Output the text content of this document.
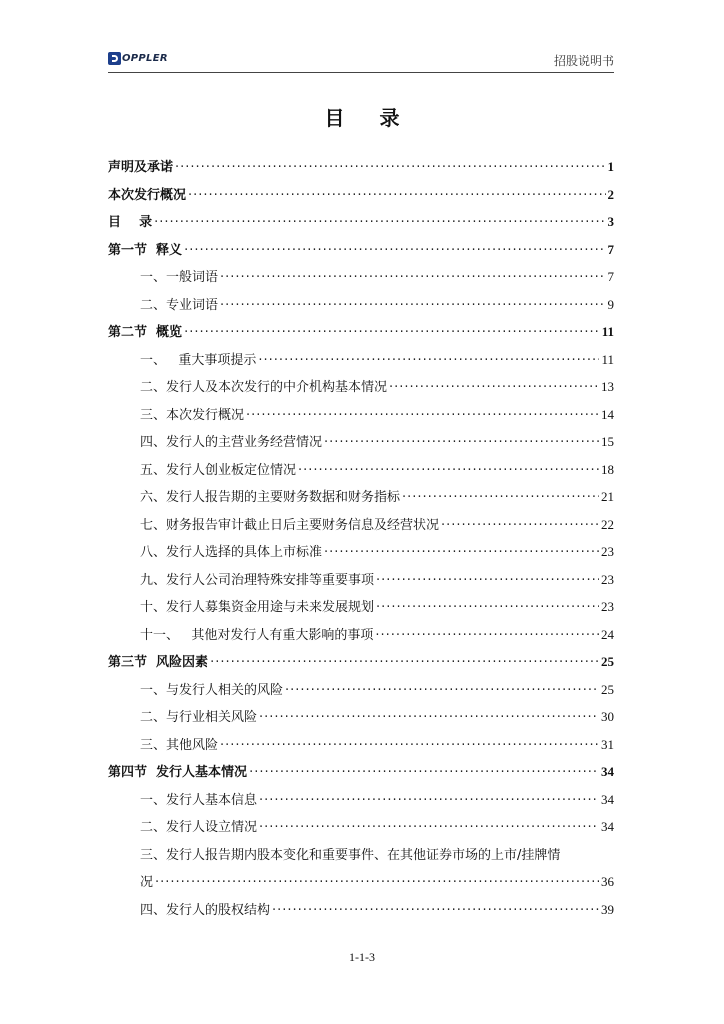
OPPLER	招股说明书
目 录
声明及承诺 ·····	1
本次发行概况 ·····	2
目    录 ·····	3
第一节  释义 ·····	7
一、一般词语 ·····	7
二、专业词语 ·····	9
第二节  概览 ·····	11
一、   重大事项提示 ·····	11
二、发行人及本次发行的中介机构基本情况 ·····	13
三、本次发行概况 ·····	14
四、发行人的主营业务经营情况 ·····	15
五、发行人创业板定位情况 ·····	18
六、发行人报告期的主要财务数据和财务指标 ·····	21
七、财务报告审计截止日后主要财务信息及经营状况 ·····	22
八、发行人选择的具体上市标准 ·····	23
九、发行人公司治理特殊安排等重要事项 ·····	23
十、发行人募集资金用途与未来发展规划 ·····	23
十一、   其他对发行人有重大影响的事项 ·····	24
第三节  风险因素 ·····	25
一、与发行人相关的风险 ·····	25
二、与行业相关风险 ·····	30
三、其他风险 ·····	31
第四节  发行人基本情况 ·····	34
一、发行人基本信息 ·····	34
二、发行人设立情况 ·····	34
三、发行人报告期内股本变化和重要事件、在其他证券市场的上市/挂牌情
况 ·····	36
四、发行人的股权结构 ·····	39
1-1-3
